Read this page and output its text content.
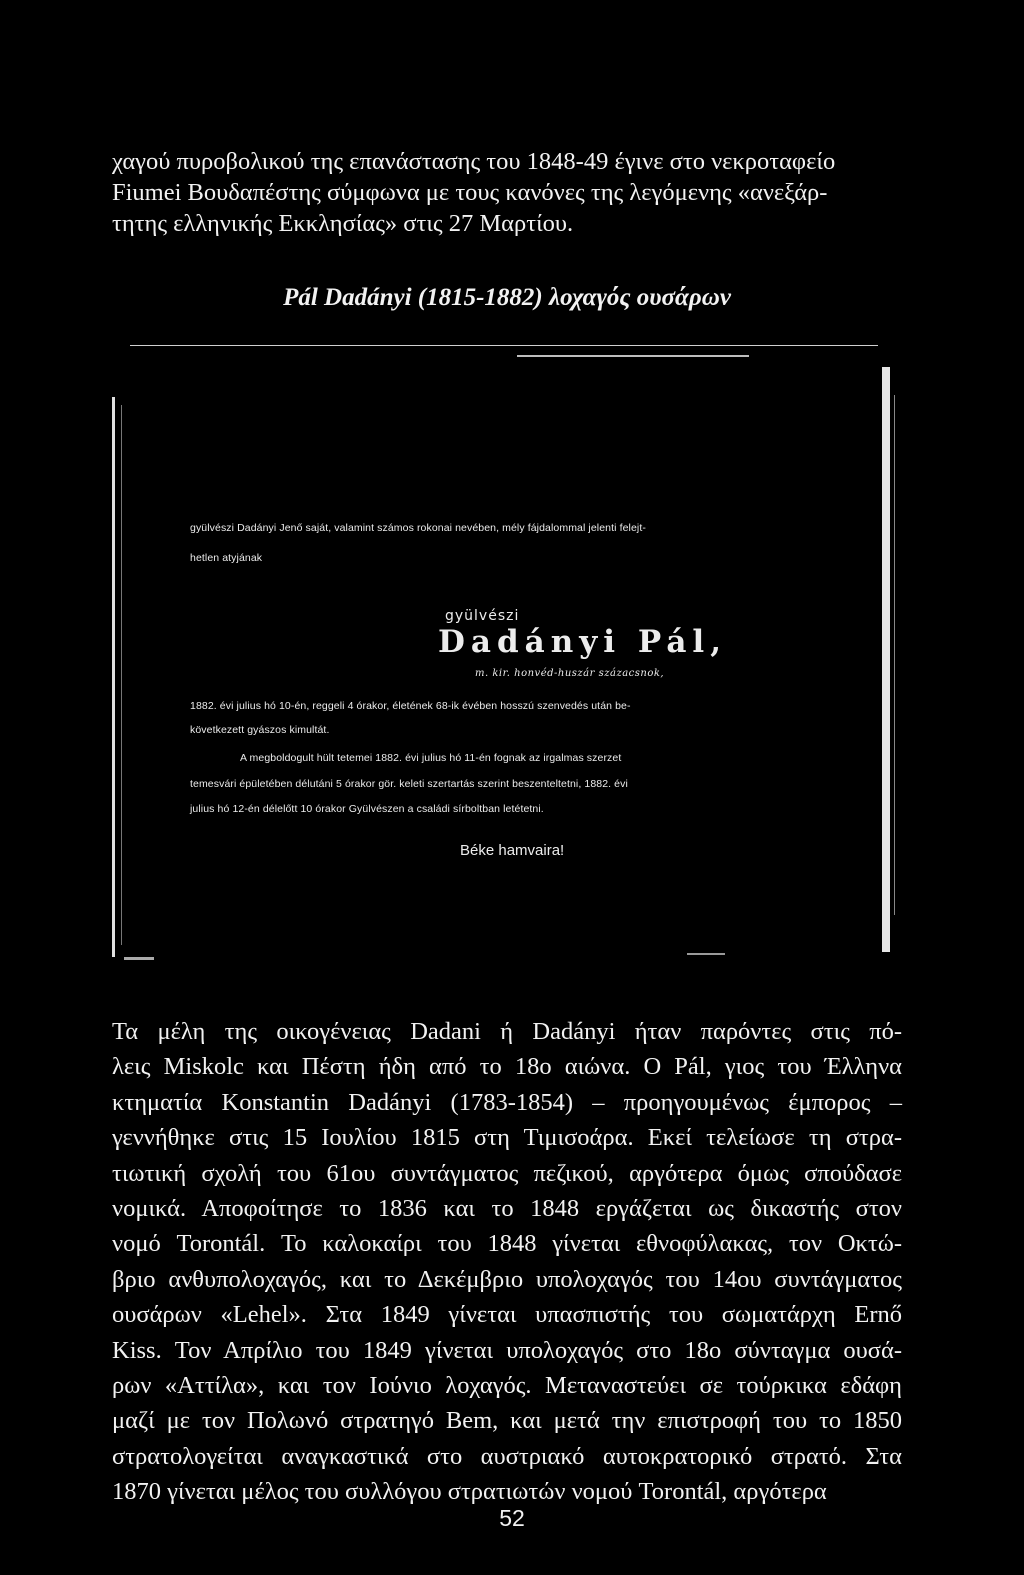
χαγού πυροβολικού της επανάστασης του 1848-49 έγινε στο νεκροταφείο
Fiumei Βουδαπέστης σύμφωνα με τους κανόνες της λεγόμενης «ανεξάρ-
τητης ελληνικής Εκκλησίας» στις 27 Μαρτίου.
Pál Dadányi (1815-1882) λοχαγός ουσάρων

gyülvészi Dadányi Jenő saját, valamint számos rokonai nevében, mély fájdalommal jelenti felejt-

hetlen atyjának

gyülvészi
Dadányi Pál,
m. kir. honvéd-huszár százacsnok,

1882. évi julius hó 10-én, reggeli 4 órakor, életének 68-ik évében hosszú szenvedés után be-

következett gyászos kimultát.

A megboldogult hült tetemei 1882. évi julius hó 11-én fognak az irgalmas szerzet

temesvári épületében délutáni 5 órakor gör. keleti szertartás szerint beszenteltetni, 1882. évi

julius hó 12-én délelőtt 10 órakor Gyülvészen a családi sírboltban letétetni.

Béke hamvaira!
Τα μέλη της οικογένειας Dadani ή Dadányi ήταν παρόντες στις πό-
λεις Miskolc και Πέστη ήδη από το 18ο αιώνα. Ο Pál, γιος του Έλληνα
κτηματία Konstantin Dadányi (1783-1854) – προηγουμένως έμπορος –
γεννήθηκε στις 15 Ιουλίου 1815 στη Τιμισοάρα. Εκεί τελείωσε τη στρα-
τιωτική σχολή του 61ου συντάγματος πεζικού, αργότερα όμως σπούδασε
νομικά. Αποφοίτησε το 1836 και το 1848 εργάζεται ως δικαστής στον
νομό Torontál. Το καλοκαίρι του 1848 γίνεται εθνοφύλακας, τον Οκτώ-
βριο ανθυπολοχαγός, και το Δεκέμβριο υπολοχαγός του 14ου συντάγματος
ουσάρων «Lehel». Στα 1849 γίνεται υπασπιστής του σωματάρχη Ernő
Kiss. Τον Απρίλιο του 1849 γίνεται υπολοχαγός στο 18ο σύνταγμα ουσά-
ρων «Αττίλα», και τον Ιούνιο λοχαγός. Μεταναστεύει σε τούρκικα εδάφη
μαζί με τον Πολωνό στρατηγό Bem, και μετά την επιστροφή του το 1850
στρατολογείται αναγκαστικά στο αυστριακό αυτοκρατορικό στρατό. Στα
1870 γίνεται μέλος του συλλόγου στρατιωτών νομού Torontál, αργότερα
52
